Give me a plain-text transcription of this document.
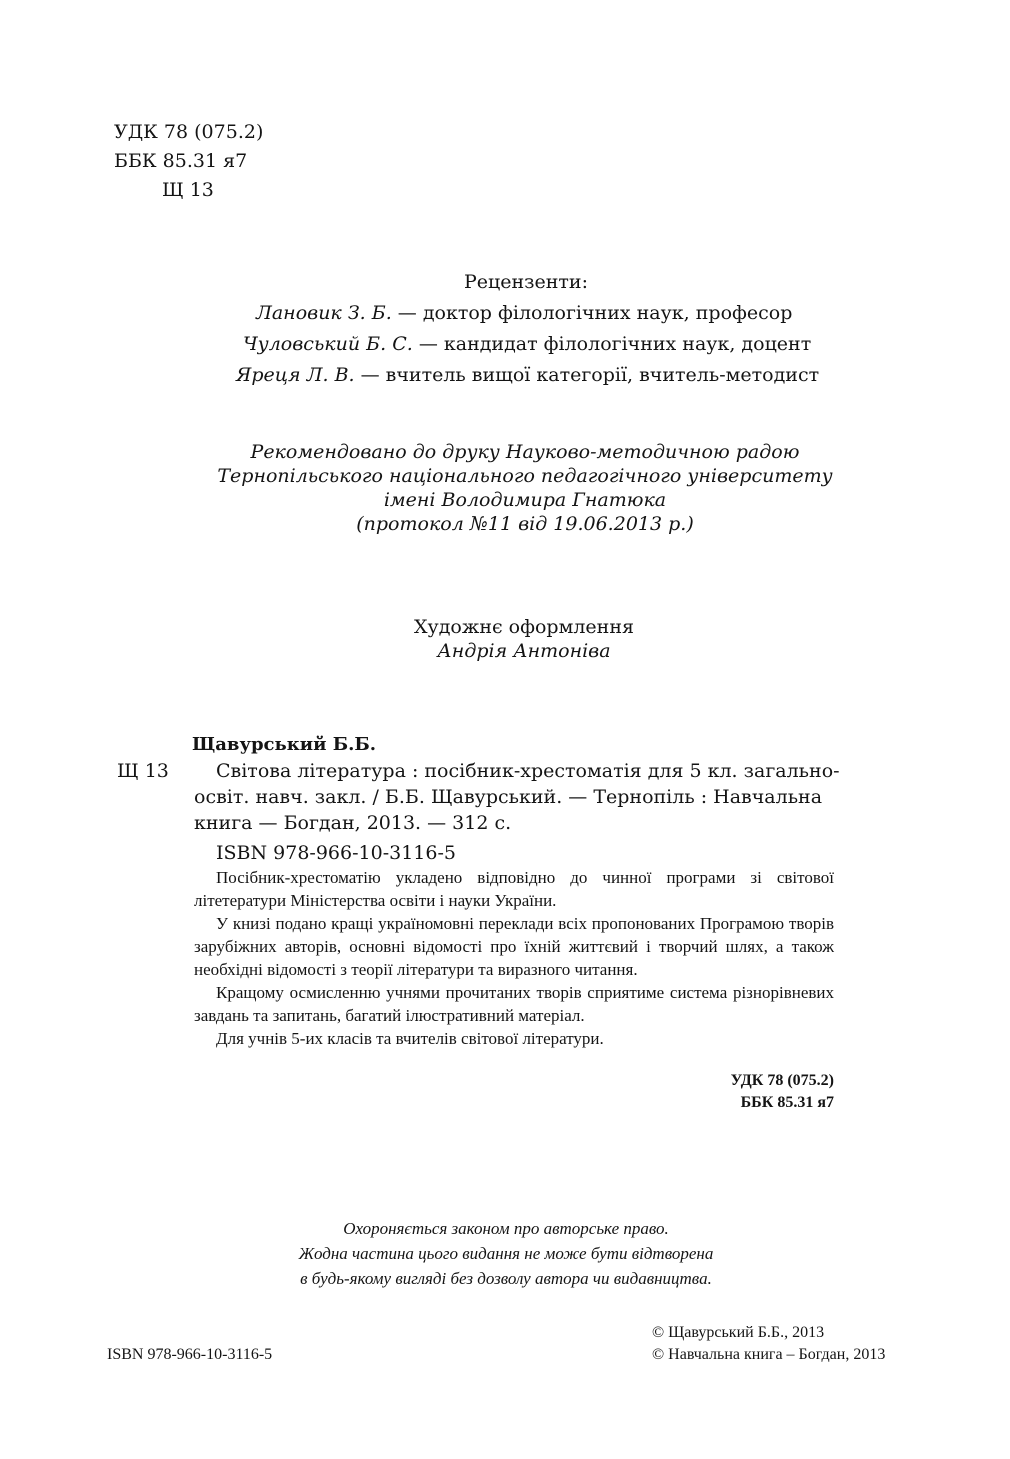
УДК 78 (075.2)
ББК 85.31 я7
Щ 13
Рецензенти:
Лановик З. Б. — доктор філологічних наук, професор
Чуловський Б. С. — кандидат філологічних наук, доцент
Яреця Л. В. — вчитель вищої категорії, вчитель-методист
Рекомендовано до друку Науково-методичною радою
Тернопільського національного педагогічного університету
імені Володимира Гнатюка
(протокол №11 від 19.06.2013 р.)
Художнє оформлення
Андрія Антоніва
Щавурський Б.Б.
Щ 13 Світова література : посібник-хрестоматія для 5 кл. загально-
освіт. навч. закл. / Б.Б. Щавурський. — Тернопіль : Навчальна
книга — Богдан, 2013. — 312 с.
ISBN 978-966-10-3116-5

Посібник-хрестоматію укладено відповідно до чинної програми зі світової літетератури Міністерства освіти і науки України.

У книзі подано кращі україномовні переклади всіх пропонованих Програмою творів зарубіжних авторів, основні відомості про їхній життєвий і творчий шлях, а також необхідні відомості з теорії літератури та виразного читання.

Кращому осмисленню учнями прочитаних творів сприятиме система різнорівневих завдань та запитань, багатий ілюстративний матеріал.

Для учнів 5-их класів та вчителів світової літератури.

УДК 78 (075.2)
ББК 85.31 я7
Охороняється законом про авторське право.
Жодна частина цього видання не може бути відтворена
в будь-якому вигляді без дозволу автора чи видавництва.
ISBN 978-966-10-3116-5
© Щавурський Б.Б., 2013
© Навчальна книга – Богдан, 2013
